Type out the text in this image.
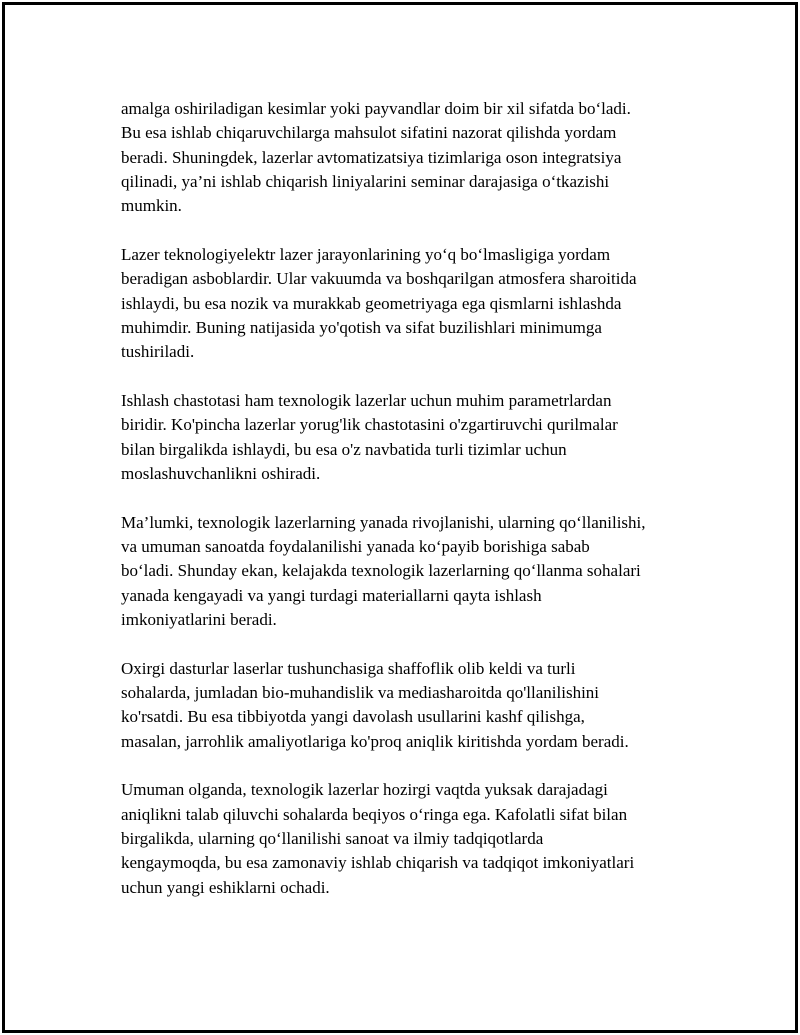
amalga oshiriladigan kesimlar yoki payvandlar doim bir xil sifatda bo‘ladi.
Bu esa ishlab chiqaruvchilarga mahsulot sifatini nazorat qilishda yordam
beradi. Shuningdek, lazerlar avtomatizatsiya tizimlariga oson integratsiya
qilinadi, ya’ni ishlab chiqarish liniyalarini seminar darajasiga o‘tkazishi
mumkin.

Lazer teknologiyelektr lazer jarayonlarining yo‘q bo‘lmasligiga yordam
beradigan asboblardir. Ular vakuumda va boshqarilgan atmosfera sharoitida
ishlaydi, bu esa nozik va murakkab geometriyaga ega qismlarni ishlashda
muhimdir. Buning natijasida yo'qotish va sifat buzilishlari minimumga
tushiriladi.

Ishlash chastotasi ham texnologik lazerlar uchun muhim parametrlardan
biridir. Ko'pincha lazerlar yorug'lik chastotasini o'zgartiruvchi qurilmalar
bilan birgalikda ishlaydi, bu esa o'z navbatida turli tizimlar uchun
moslashuvchanlikni oshiradi.

Ma’lumki, texnologik lazerlarning yanada rivojlanishi, ularning qo‘llanilishi,
va umuman sanoatda foydalanilishi yanada ko‘payib borishiga sabab
bo‘ladi. Shunday ekan, kelajakda texnologik lazerlarning qo‘llanma sohalari
yanada kengayadi va yangi turdagi materiallarni qayta ishlash
imkoniyatlarini beradi.

Oxirgi dasturlar laserlar tushunchasiga shaffoflik olib keldi va turli
sohalarda, jumladan bio-muhandislik va mediasharoitda qo'llanilishini
ko'rsatdi. Bu esa tibbiyotda yangi davolash usullarini kashf qilishga,
masalan, jarrohlik amaliyotlariga ko'proq aniqlik kiritishda yordam beradi.

Umuman olganda, texnologik lazerlar hozirgi vaqtda yuksak darajadagi
aniqlikni talab qiluvchi sohalarda beqiyos o‘ringa ega. Kafolatli sifat bilan
birgalikda, ularning qo‘llanilishi sanoat va ilmiy tadqiqotlarda
kengaymoqda, bu esa zamonaviy ishlab chiqarish va tadqiqot imkoniyatlari
uchun yangi eshiklarni ochadi.
